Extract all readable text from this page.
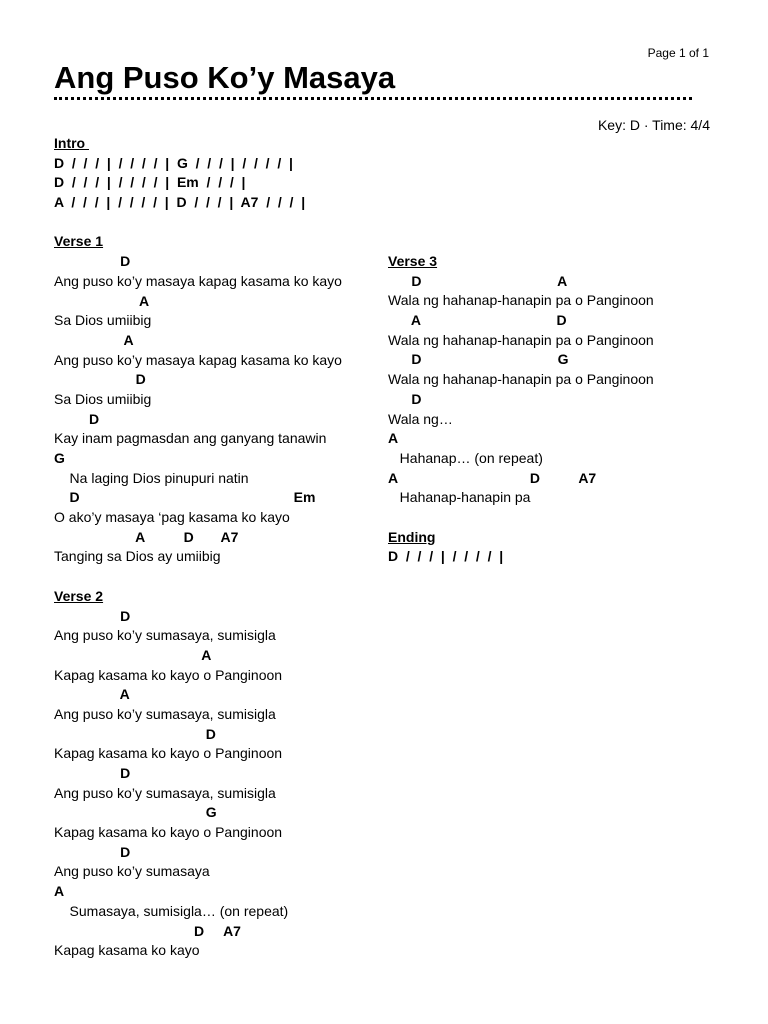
Page 1 of 1
Ang Puso Ko’y Masaya
Key: D · Time: 4/4
Intro
D  /  /  /  |  /  /  /  /  |  G  /  /  /  |  /  /  /  /  |
D  /  /  /  |  /  /  /  /  |  Em  /  /  /  |
A  /  /  /  |  /  /  /  /  |  D  /  /  /  |  A7  /  /  /  |
Verse 1
D
Ang puso ko’y masaya kapag kasama ko kayo
A
Sa Dios umiibig
A
Ang puso ko’y masaya kapag kasama ko kayo
D
Sa Dios umiibig
D
Kay inam pagmasdan ang ganyang tanawin
G
Na laging Dios pinupuri natin
D                                                       Em
O ako’y masaya ‘pag kasama ko kayo
A          D       A7
Tanging sa Dios ay umiibig
Verse 2
D
Ang puso ko’y sumasaya, sumisigla
A
Kapag kasama ko kayo o Panginoon
A
Ang puso ko’y sumasaya, sumisigla
D
Kapag kasama ko kayo o Panginoon
D
Ang puso ko’y sumasaya, sumisigla
G
Kapag kasama ko kayo o Panginoon
D
Ang puso ko’y sumasaya
A
Sumasaya, sumisigla… (on repeat)
D     A7
Kapag kasama ko kayo
Verse 3
D                                   A
Wala ng hahanap-hanapin pa o Panginoon
A                                   D
Wala ng hahanap-hanapin pa o Panginoon
D                                   G
Wala ng hahanap-hanapin pa o Panginoon
D
Wala ng…
A
Hahanap… (on repeat)
A                                  D          A7
Hahanap-hanapin pa
Ending
D  /  /  /  |  /  /  /  /  |
